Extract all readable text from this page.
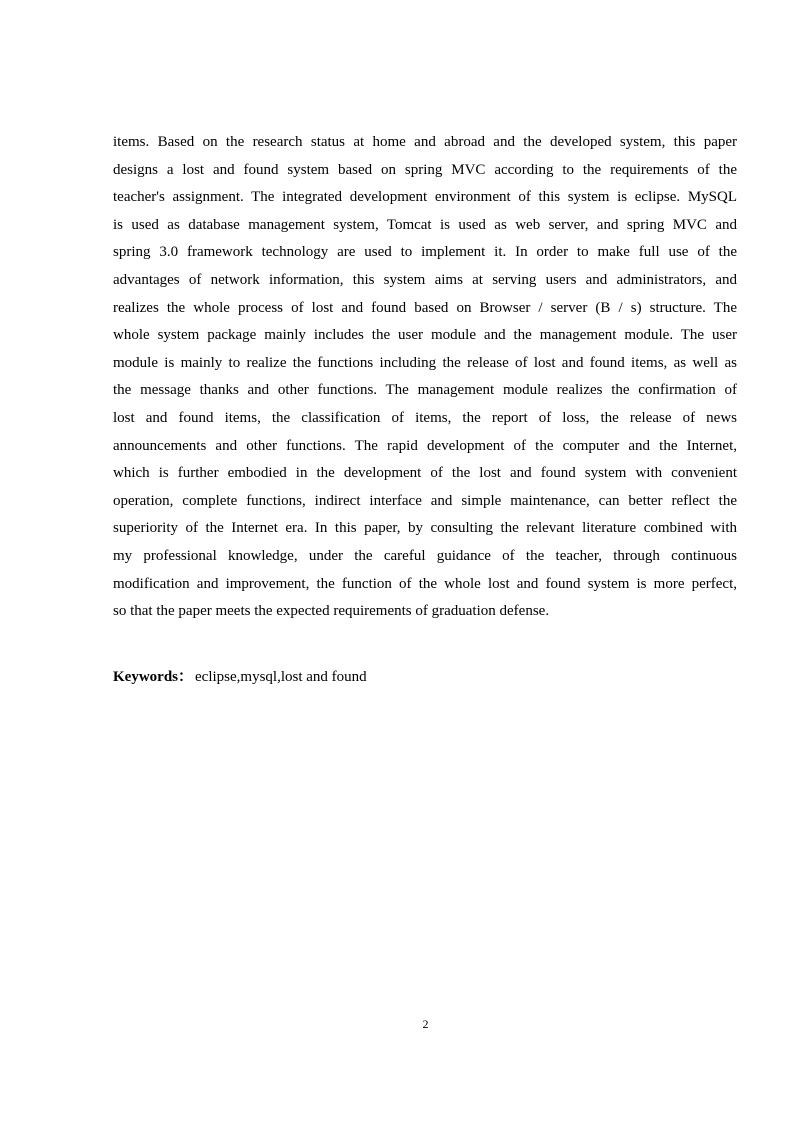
items. Based on the research status at home and abroad and the developed system, this paper
designs a lost and found system based on spring MVC according to the requirements of the
teacher's assignment. The integrated development environment of this system is eclipse. MySQL
is used as database management system, Tomcat is used as web server, and spring MVC and
spring 3.0 framework technology are used to implement it. In order to make full use of the
advantages of network information, this system aims at serving users and administrators, and
realizes the whole process of lost and found based on Browser / server (B / s) structure. The
whole system package mainly includes the user module and the management module. The user
module is mainly to realize the functions including the release of lost and found items, as well as
the message thanks and other functions. The management module realizes the confirmation of
lost and found items, the classification of items, the report of loss, the release of news
announcements and other functions. The rapid development of the computer and the Internet,
which is further embodied in the development of the lost and found system with convenient
operation, complete functions, indirect interface and simple maintenance, can better reflect the
superiority of the Internet era. In this paper, by consulting the relevant literature combined with
my professional knowledge, under the careful guidance of the teacher, through continuous
modification and improvement, the function of the whole lost and found system is more perfect,
so that the paper meets the expected requirements of graduation defense.
Keywords： eclipse,mysql,lost and found
2
